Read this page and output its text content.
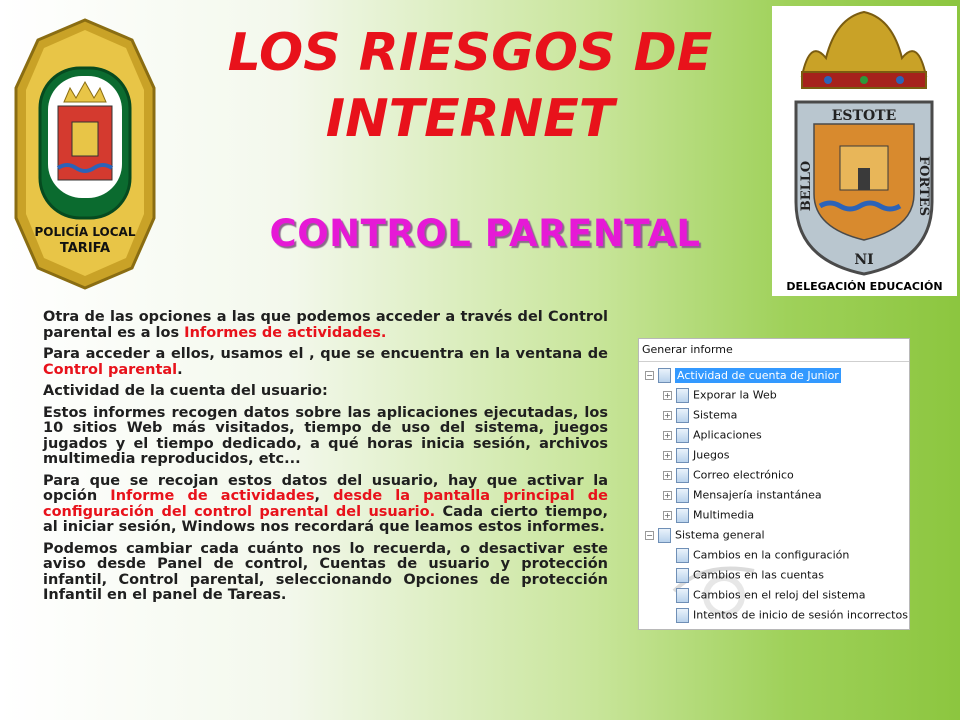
POLICÍA LOCAL
TARIFA
LOS RIESGOS DE
INTERNET
CONTROL PARENTAL
ESTOTE
BELLO	FORTES
NI
DELEGACIÓN EDUCACIÓN

Otra de las opciones a las que podemos acceder a través del Control parental es a los Informes de actividades.

Para acceder a ellos, usamos el , que se encuentra en la ventana de Control parental.

Actividad de la cuenta del usuario:

Estos informes recogen datos sobre las aplicaciones ejecutadas, los 10 sitios Web más visitados, tiempo de uso del sistema, juegos jugados y el tiempo dedicado, a qué horas inicia sesión, archivos multimedia reproducidos, etc...

Para que se recojan estos datos del usuario, hay que activar la opción Informe de actividades, desde la pantalla principal de configuración del control parental del usuario. Cada cierto tiempo, al iniciar sesión, Windows nos recordará que leamos estos informes.

Podemos cambiar cada cuánto nos lo recuerda, o desactivar este aviso desde Panel de control, Cuentas de usuario y protección infantil, Control parental, seleccionando Opciones de protección Infantil en el panel de Tareas.

Generar informe
− Actividad de cuenta de Junior
+ Exporar la Web
+ Sistema
+ Aplicaciones
+ Juegos
+ Correo electrónico
+ Mensajería instantánea
+ Multimedia
− Sistema general
Cambios en la configuración
Cambios en las cuentas
Cambios en el reloj del sistema
Intentos de inicio de sesión incorrectos
